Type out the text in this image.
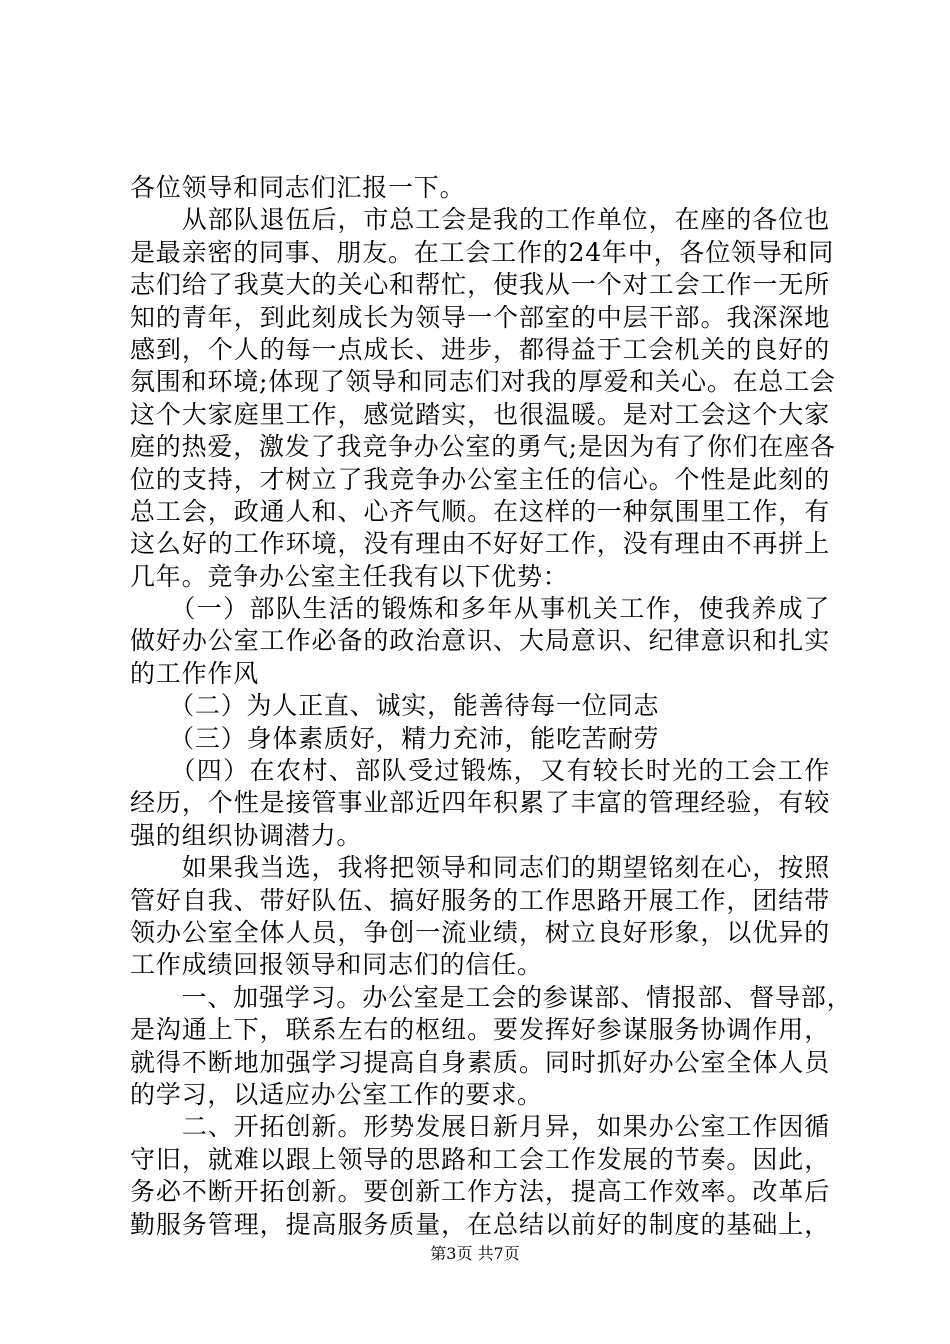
各位领导和同志们汇报一下。
　　从部队退伍后，市总工会是我的工作单位，在座的各位也
是最亲密的同事、朋友。在工会工作的24年中，各位领导和同
志们给了我莫大的关心和帮忙，使我从一个对工会工作一无所
知的青年，到此刻成长为领导一个部室的中层干部。我深深地
感到，个人的每一点成长、进步，都得益于工会机关的良好的
氛围和环境;体现了领导和同志们对我的厚爱和关心。在总工会
这个大家庭里工作，感觉踏实，也很温暖。是对工会这个大家
庭的热爱，激发了我竞争办公室的勇气;是因为有了你们在座各
位的支持，才树立了我竞争办公室主任的信心。个性是此刻的
总工会，政通人和、心齐气顺。在这样的一种氛围里工作，有
这么好的工作环境，没有理由不好好工作，没有理由不再拼上
几年。竞争办公室主任我有以下优势：
　　（一）部队生活的锻炼和多年从事机关工作，使我养成了
做好办公室工作必备的政治意识、大局意识、纪律意识和扎实
的工作作风
　　（二）为人正直、诚实，能善待每一位同志
　　（三）身体素质好，精力充沛，能吃苦耐劳
　　（四）在农村、部队受过锻炼，又有较长时光的工会工作
经历，个性是接管事业部近四年积累了丰富的管理经验，有较
强的组织协调潜力。
　　如果我当选，我将把领导和同志们的期望铭刻在心，按照
管好自我、带好队伍、搞好服务的工作思路开展工作，团结带
领办公室全体人员，争创一流业绩，树立良好形象，以优异的
工作成绩回报领导和同志们的信任。
　　一、加强学习。办公室是工会的参谋部、情报部、督导部，
是沟通上下，联系左右的枢纽。要发挥好参谋服务协调作用，
就得不断地加强学习提高自身素质。同时抓好办公室全体人员
的学习，以适应办公室工作的要求。
　　二、开拓创新。形势发展日新月异，如果办公室工作因循
守旧，就难以跟上领导的思路和工会工作发展的节奏。因此，
务必不断开拓创新。要创新工作方法，提高工作效率。改革后
勤服务管理，提高服务质量，在总结以前好的制度的基础上，
第3页 共7页
